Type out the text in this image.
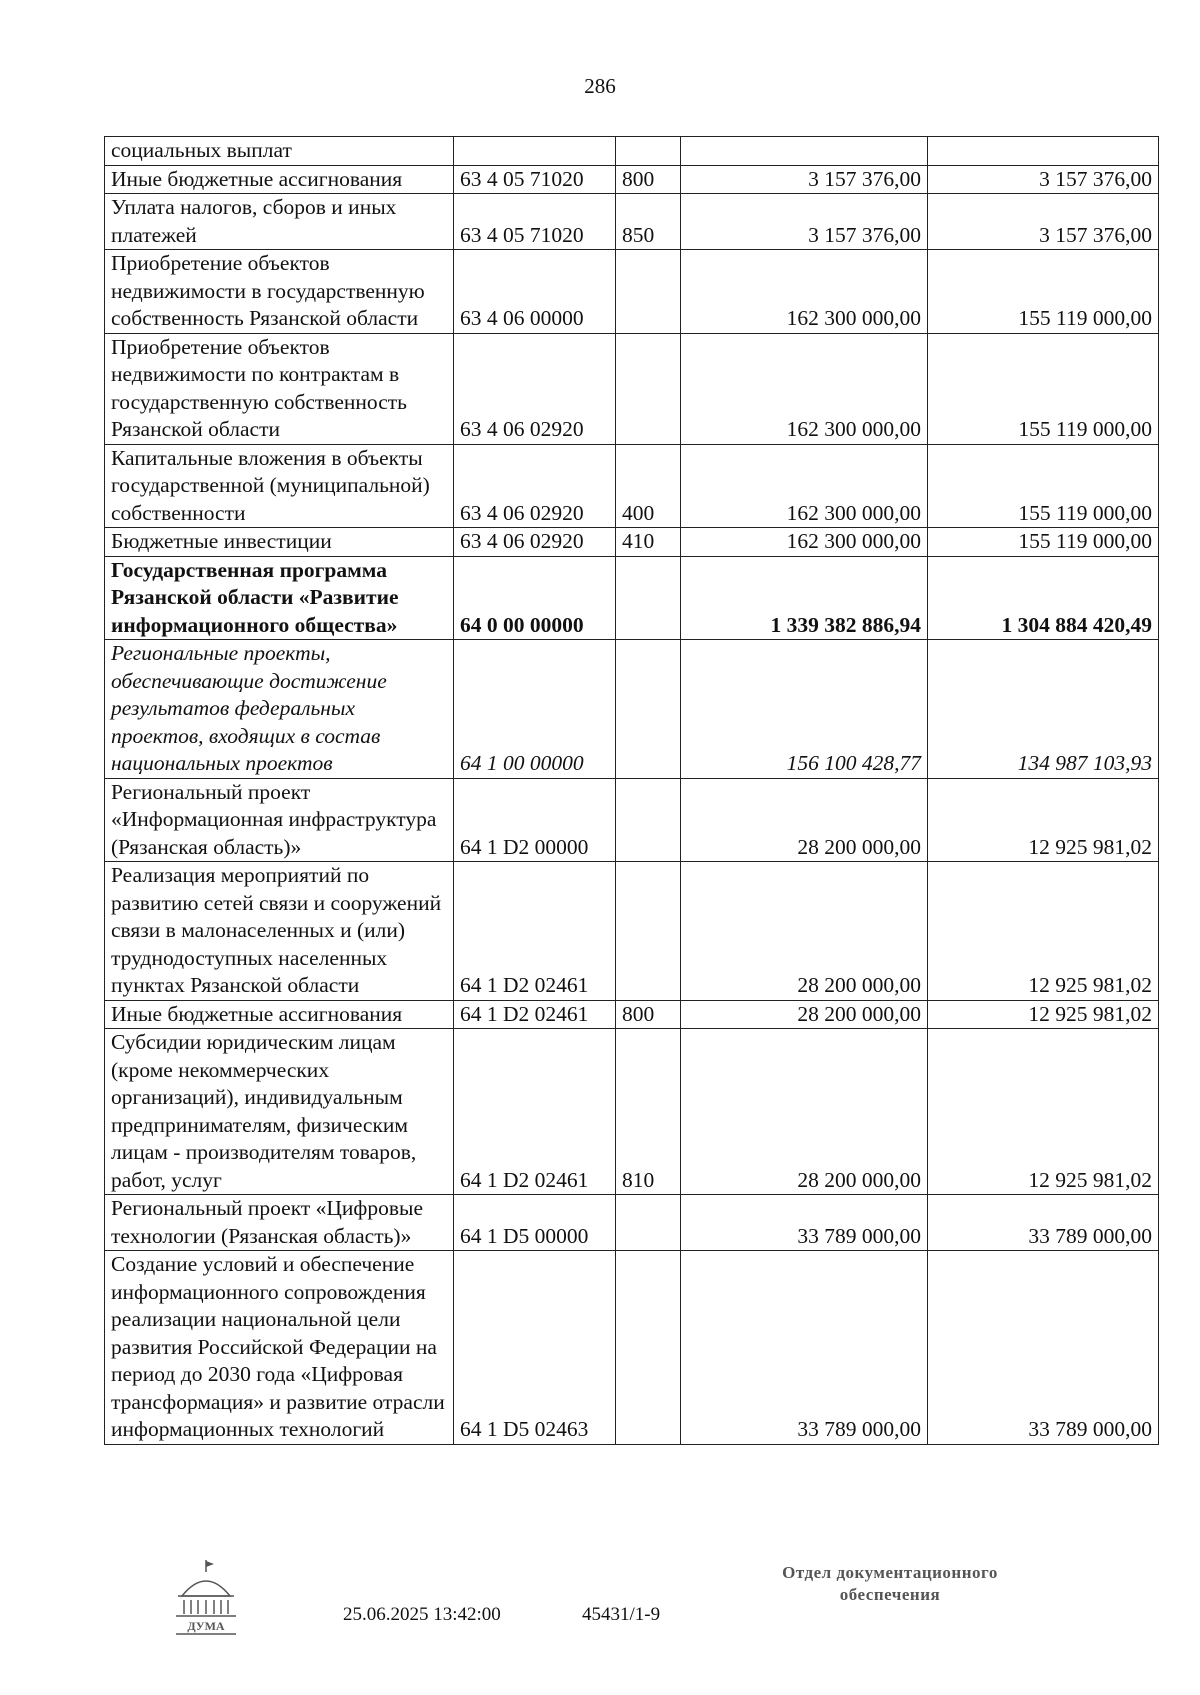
286
социальных выплат				
Иные бюджетные ассигнования	63 4 05 71020	800	3 157 376,00	3 157 376,00
Уплата налогов, сборов и иных платежей	63 4 05 71020	850	3 157 376,00	3 157 376,00
Приобретение объектов недвижимости в государственную собственность Рязанской области	63 4 06 00000		162 300 000,00	155 119 000,00
Приобретение объектов недвижимости по контрактам в государственную собственность Рязанской области	63 4 06 02920		162 300 000,00	155 119 000,00
Капитальные вложения в объекты государственной (муниципальной) собственности	63 4 06 02920	400	162 300 000,00	155 119 000,00
Бюджетные инвестиции	63 4 06 02920	410	162 300 000,00	155 119 000,00
Государственная программа Рязанской области «Развитие информационного общества»	64 0 00 00000		1 339 382 886,94	1 304 884 420,49
Региональные проекты, обеспечивающие достижение результатов федеральных проектов, входящих в состав национальных проектов	64 1 00 00000		156 100 428,77	134 987 103,93
Региональный проект «Информационная инфраструктура (Рязанская область)»	64 1 D2 00000		28 200 000,00	12 925 981,02
Реализация мероприятий по развитию сетей связи и сооружений связи в малонаселенных и (или) труднодоступных населенных пунктах Рязанской области	64 1 D2 02461		28 200 000,00	12 925 981,02
Иные бюджетные ассигнования	64 1 D2 02461	800	28 200 000,00	12 925 981,02
Субсидии юридическим лицам (кроме некоммерческих организаций), индивидуальным предпринимателям, физическим лицам - производителям товаров, работ, услуг	64 1 D2 02461	810	28 200 000,00	12 925 981,02
Региональный проект «Цифровые технологии (Рязанская область)»	64 1 D5 00000		33 789 000,00	33 789 000,00
Создание условий и обеспечение информационного сопровождения реализации национальной цели развития Российской Федерации на период до 2030 года «Цифровая трансформация» и развитие отрасли информационных технологий	64 1 D5 02463		33 789 000,00	33 789 000,00
ДУМА
25.06.2025 13:42:00	45431/1-9
Отдел документационного
обеспечения
